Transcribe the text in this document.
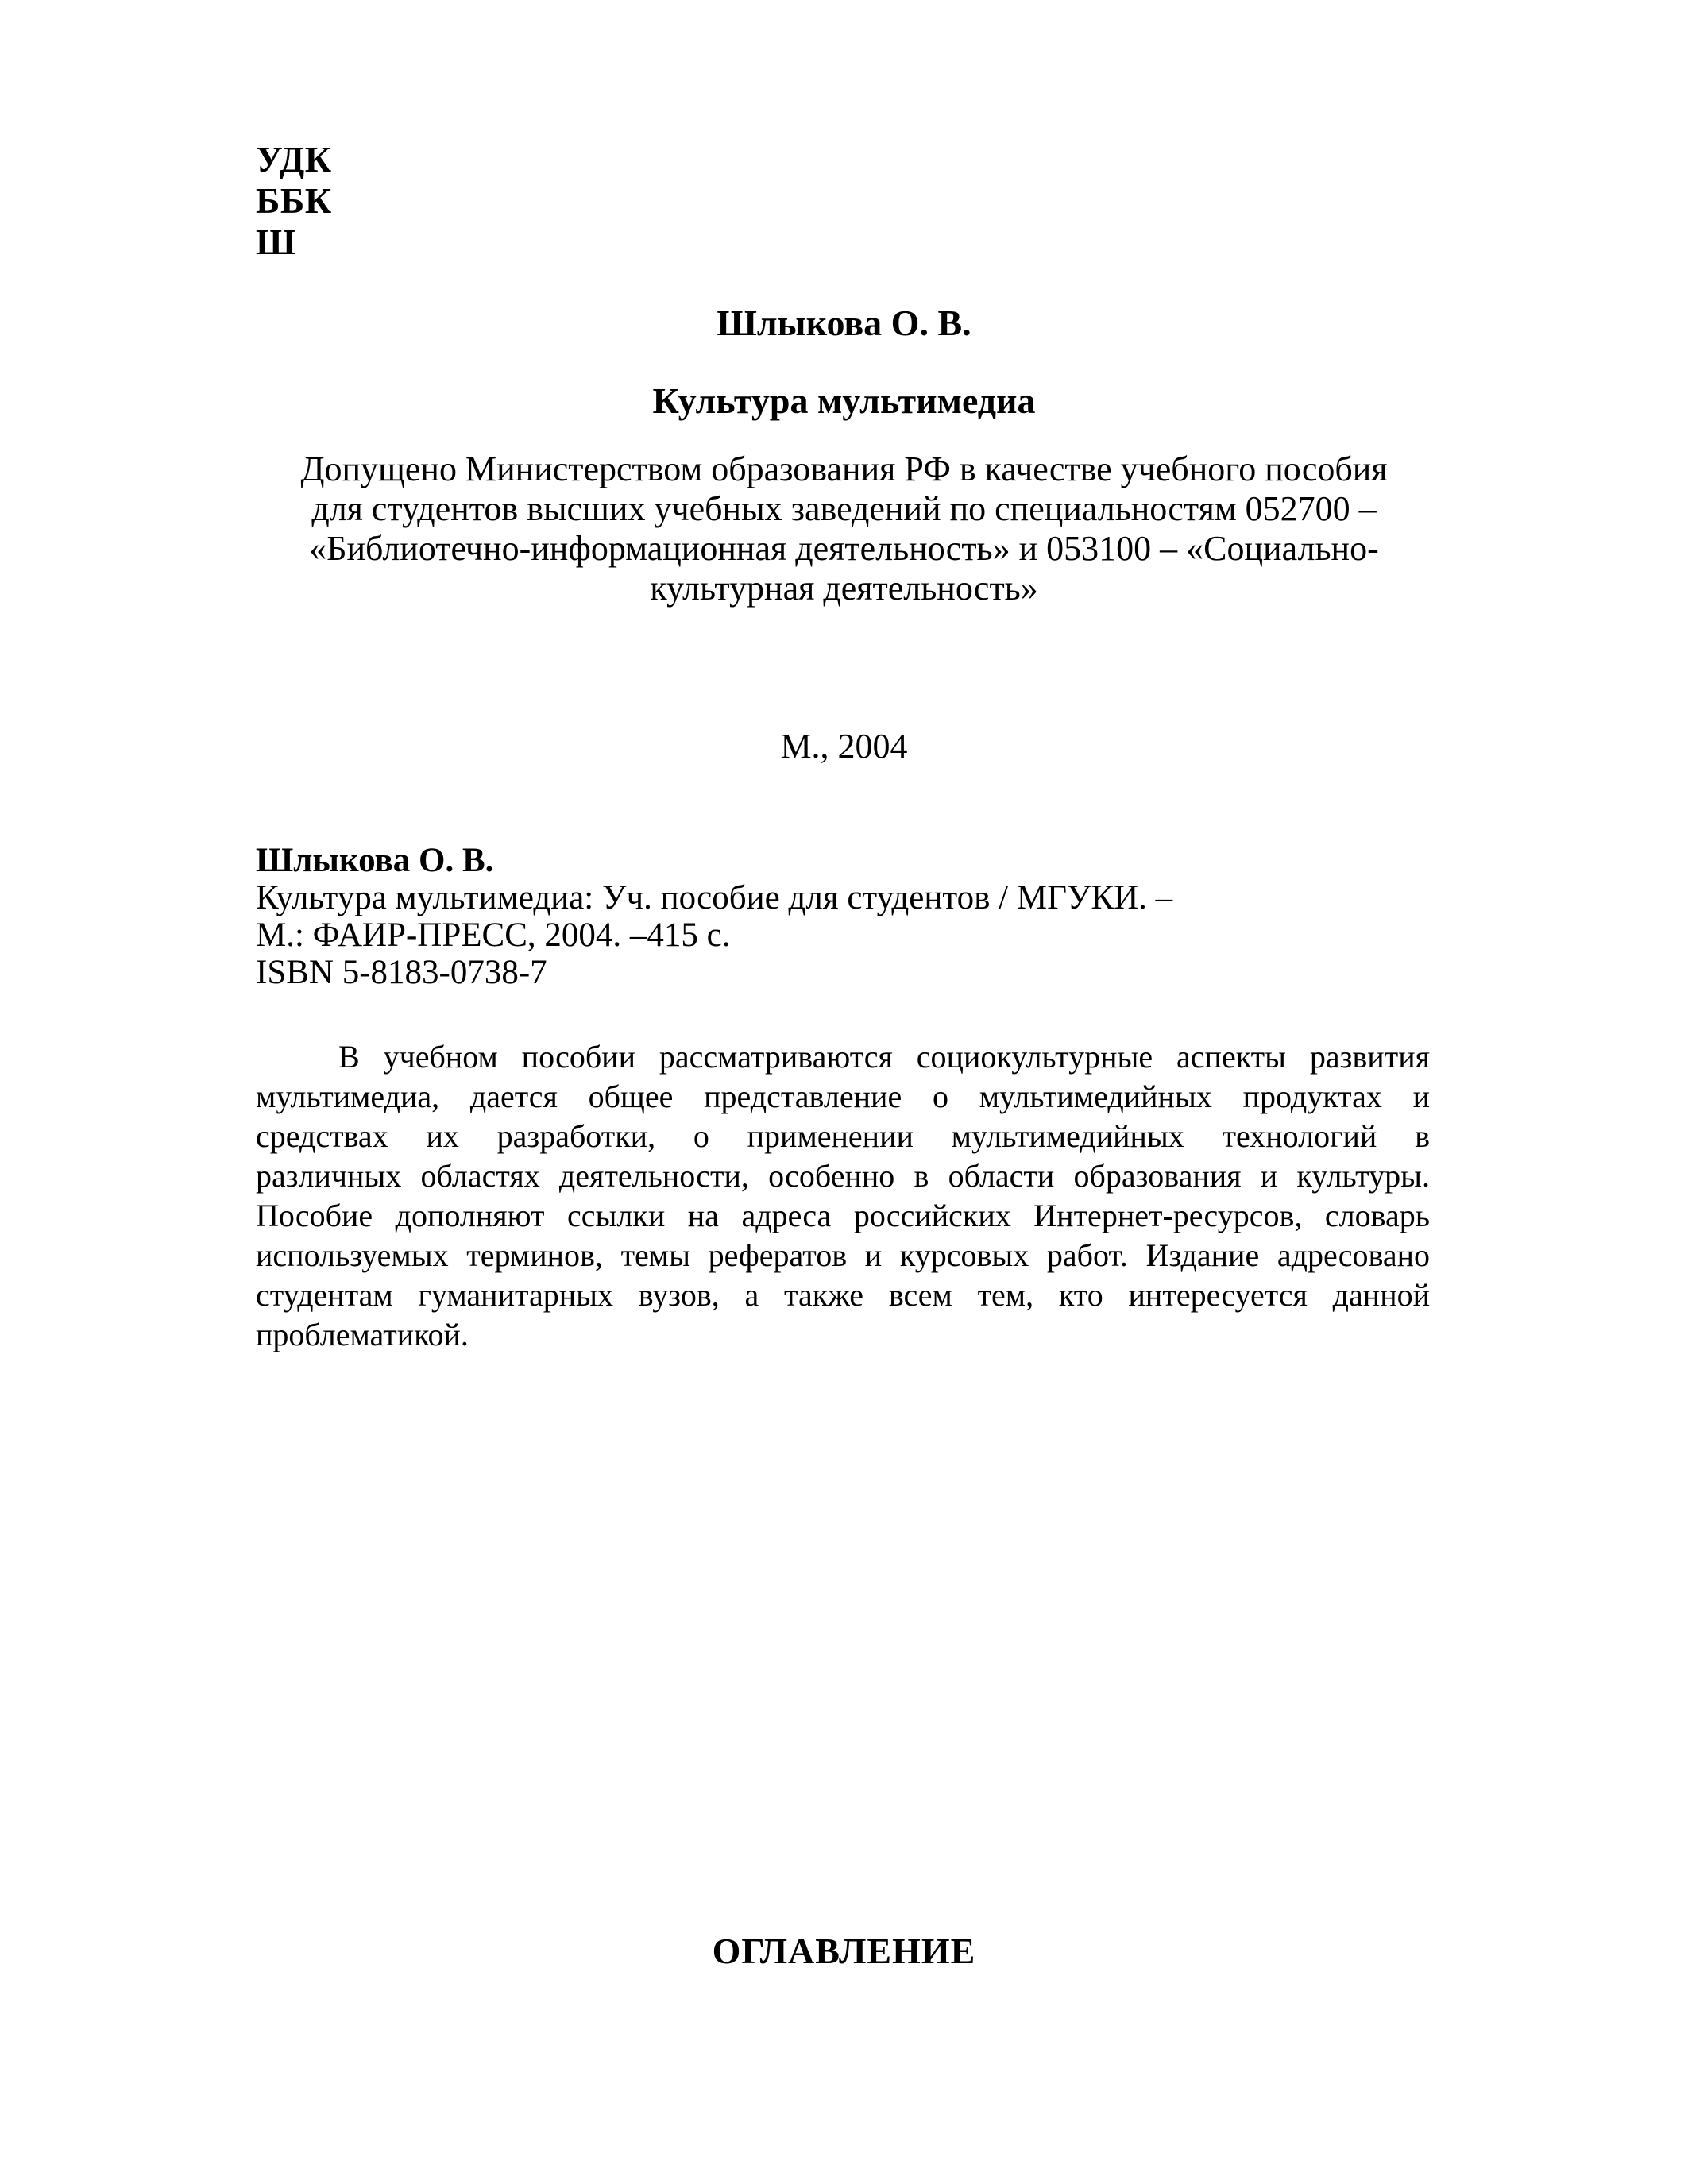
УДК
ББК
Ш
Шлыкова О. В.
Культура мультимедиа
Допущено Министерством образования РФ в качестве учебного пособия
для студентов высших учебных заведений по специальностям 052700 –
«Библиотечно-информационная деятельность» и 053100 – «Социально-
культурная деятельность»
М., 2004
Шлыкова О. В.
Культура мультимедиа: Уч. пособие для студентов / МГУКИ. –
М.: ФАИР-ПРЕСС, 2004. –415 с.
ISBN 5-8183-0738-7
В учебном пособии рассматриваются социокультурные аспекты развития
мультимедиа, дается общее представление о мультимедийных продуктах и
средствах их разработки, о применении мультимедийных технологий в
различных областях деятельности, особенно в области образования и культуры.
Пособие дополняют ссылки на адреса российских Интернет-ресурсов, словарь
используемых терминов, темы рефератов и курсовых работ. Издание адресовано
студентам гуманитарных вузов, а также всем тем, кто интересуется данной
проблематикой.
ОГЛАВЛЕНИЕ
